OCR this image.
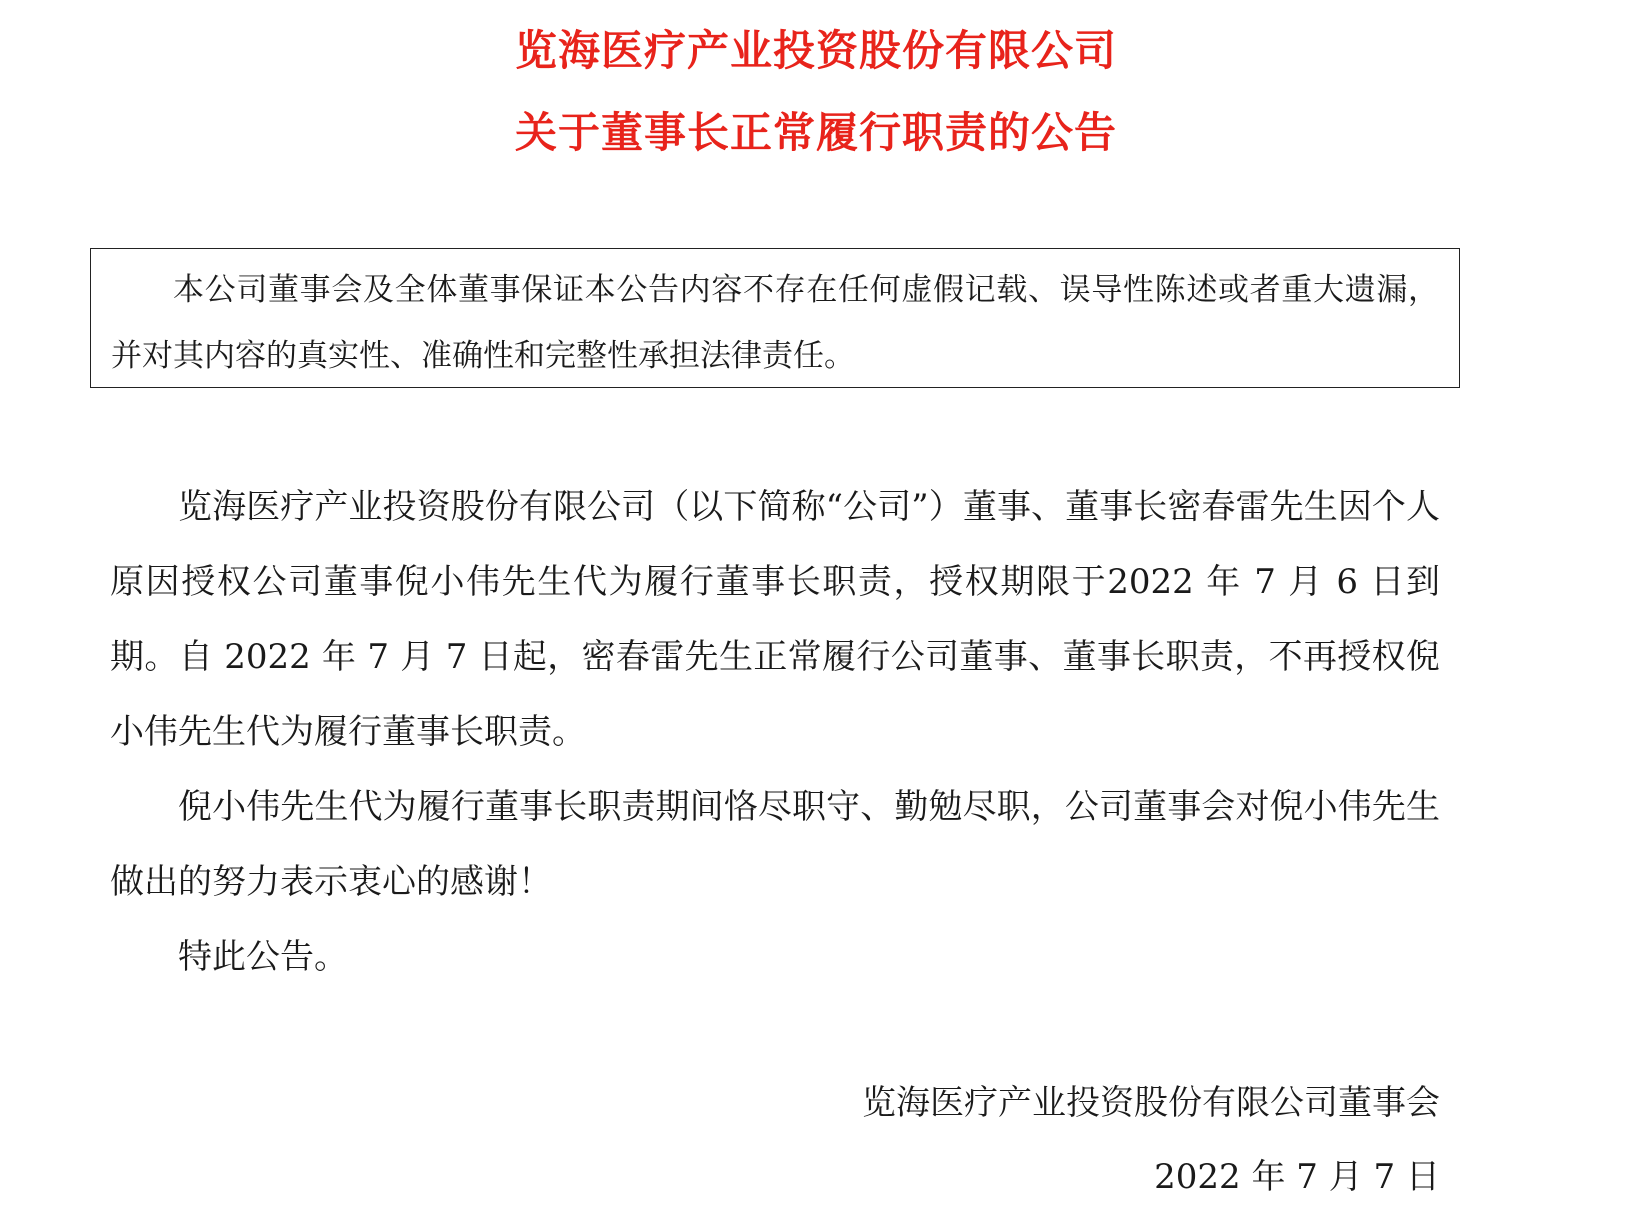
览海医疗产业投资股份有限公司
关于董事长正常履行职责的公告

本公司董事会及全体董事保证本公告内容不存在任何虚假记载、误导性陈述或者重大遗漏，并对其内容的真实性、准确性和完整性承担法律责任。

览海医疗产业投资股份有限公司（以下简称“公司”）董事、董事长密春雷先生因个人原因授权公司董事倪小伟先生代为履行董事长职责，授权期限于2022 年 7 月 6 日到期。自 2022 年 7 月 7 日起，密春雷先生正常履行公司董事、董事长职责，不再授权倪小伟先生代为履行董事长职责。

倪小伟先生代为履行董事长职责期间恪尽职守、勤勉尽职，公司董事会对倪小伟先生做出的努力表示衷心的感谢！

特此公告。

览海医疗产业投资股份有限公司董事会

2022 年 7 月 7 日
